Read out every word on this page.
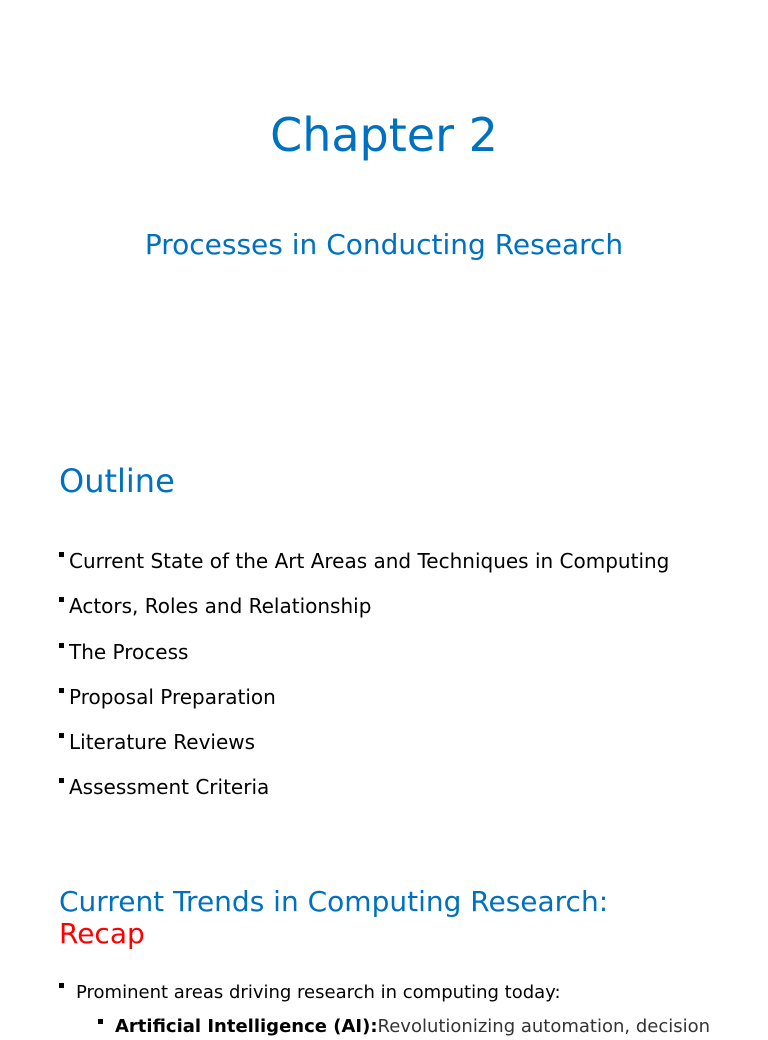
Chapter 2
Processes in Conducting Research
Outline
Current State of the Art Areas and Techniques in Computing
Actors, Roles and Relationship
The Process
Proposal Preparation
Literature Reviews
Assessment Criteria
Current Trends in Computing Research:
Recap
Prominent areas driving research in computing today:
Artificial Intelligence (AI): Revolutionizing automation, decision
